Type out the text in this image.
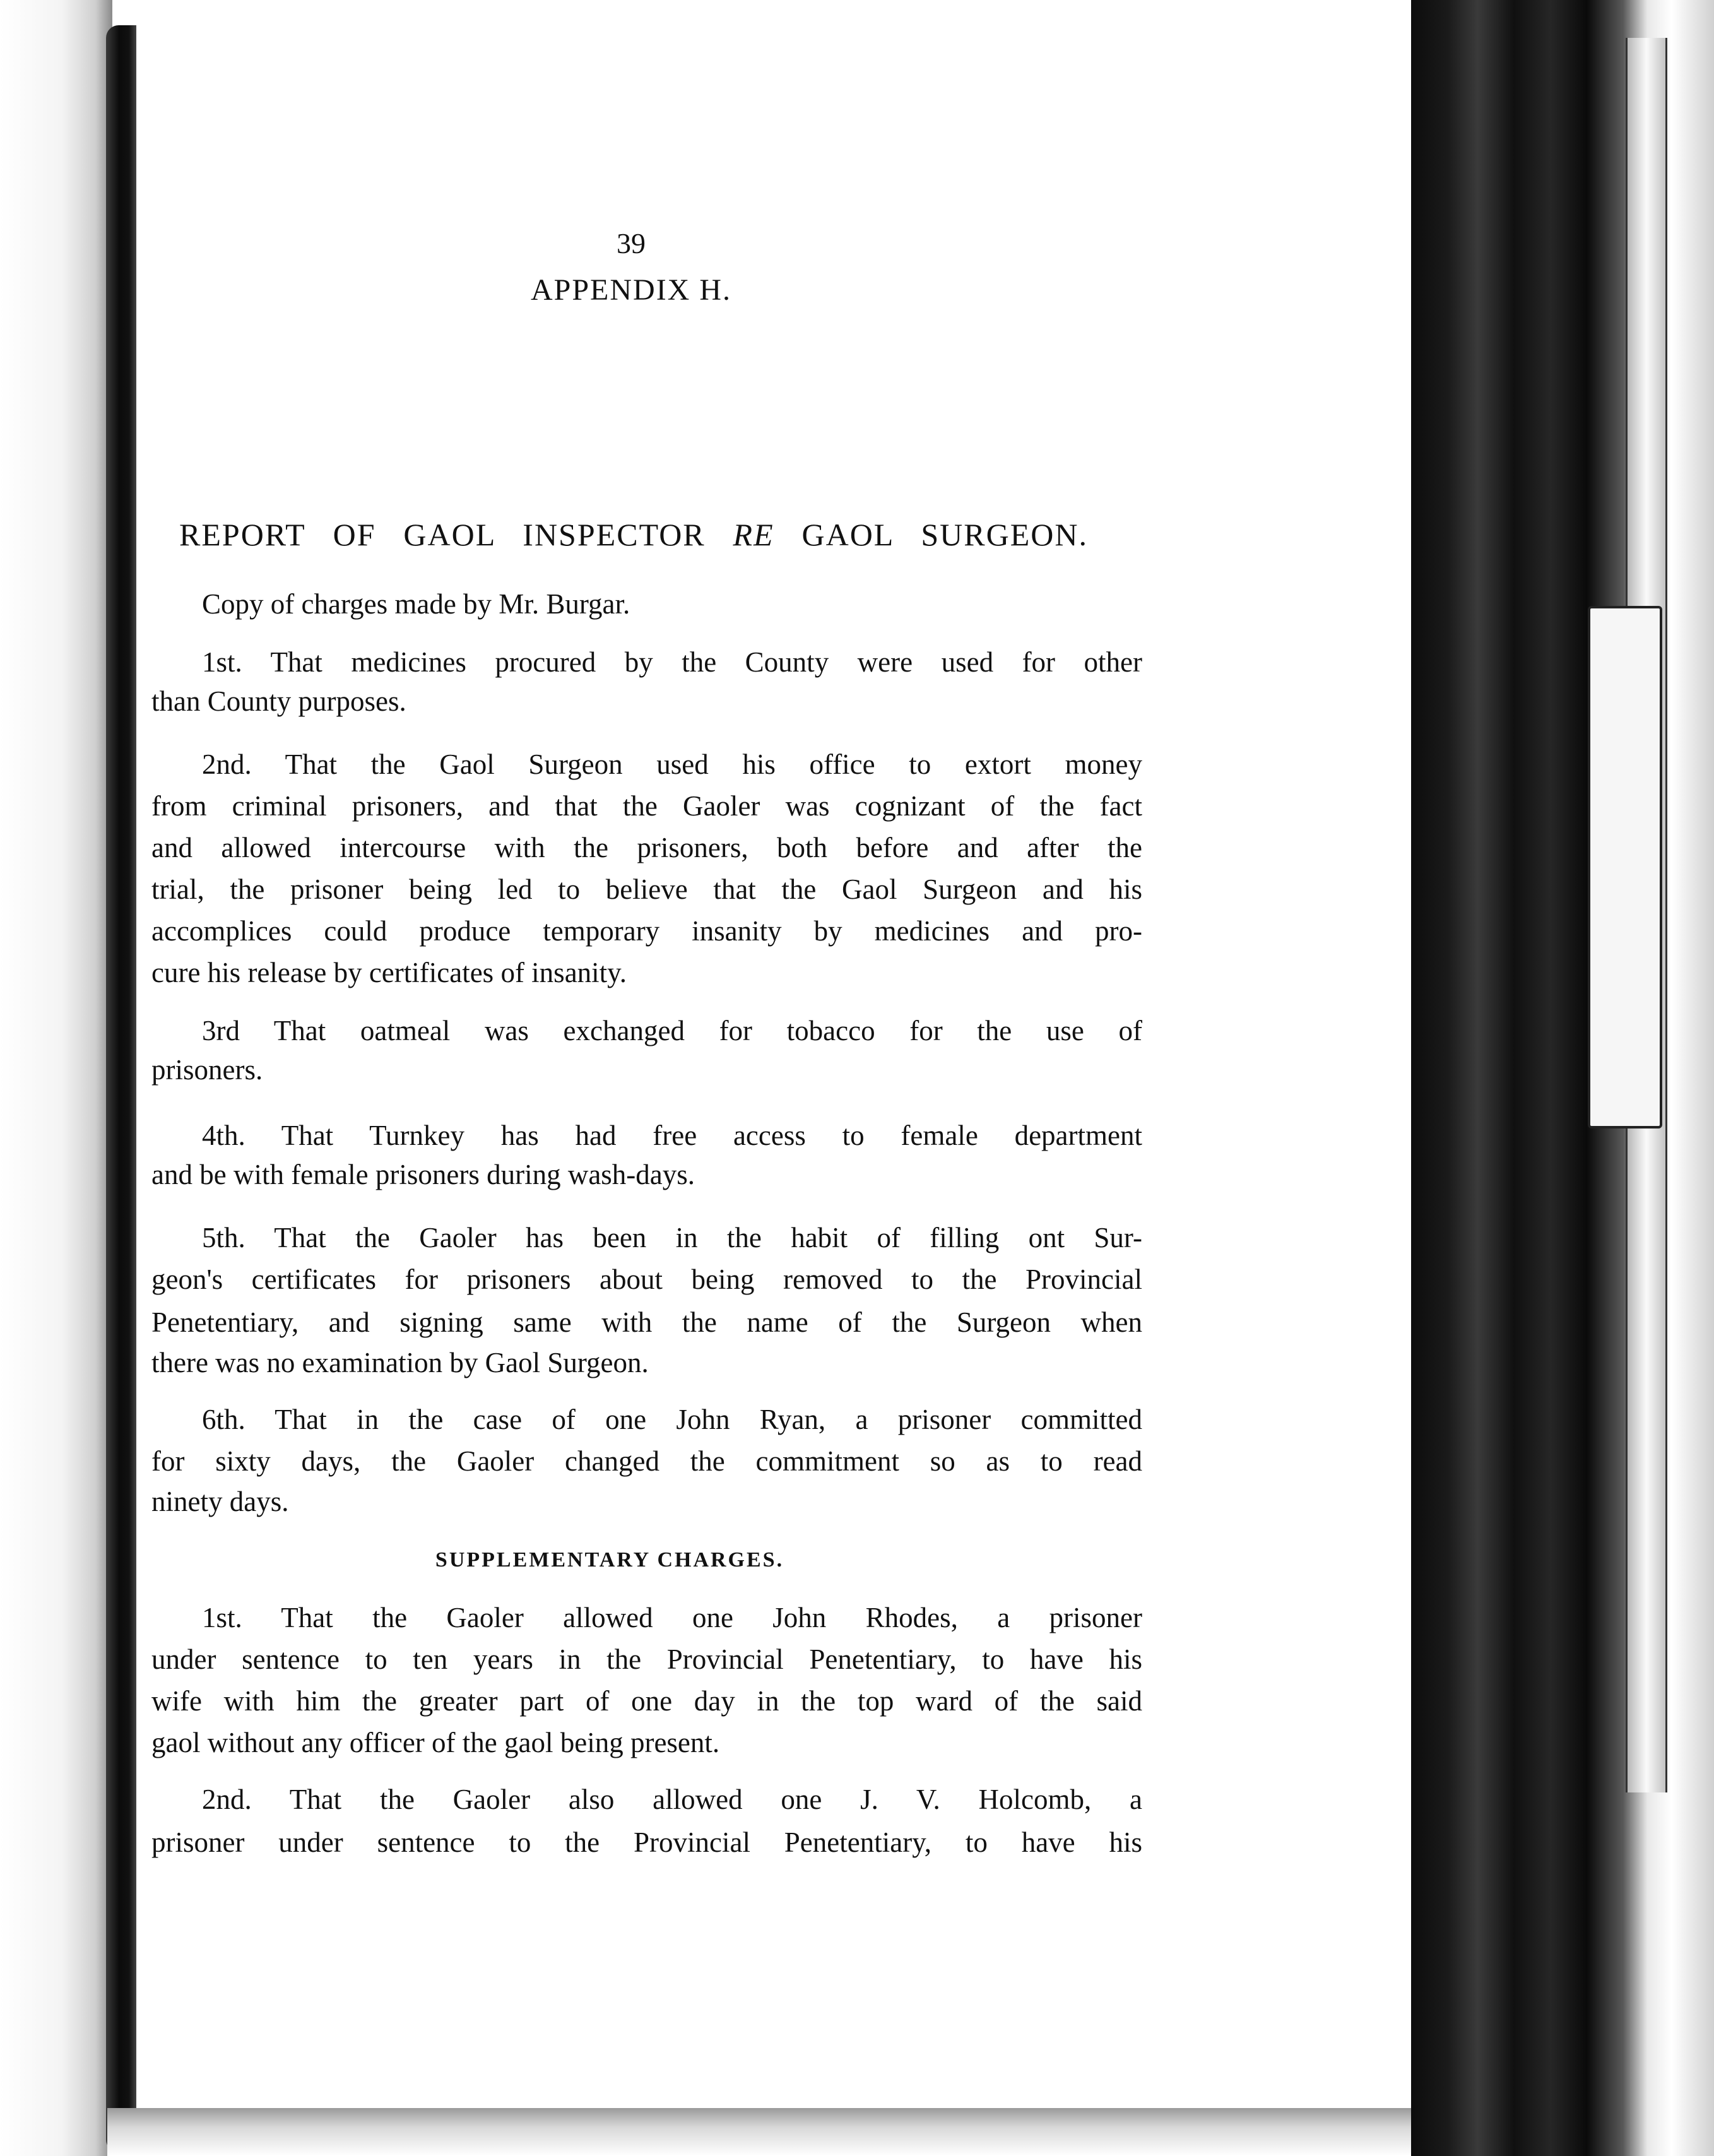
39
APPENDIX H.
REPORT OF GAOL INSPECTOR RE GAOL SURGEON.
Copy of charges made by Mr. Burgar.
1st. That medicines procured by the County were used for other
than County purposes.
2nd. That the Gaol Surgeon used his office to extort money
from criminal prisoners, and that the Gaoler was cognizant of the fact
and allowed intercourse with the prisoners, both before and after the
trial, the prisoner being led to believe that the Gaol Surgeon and his
accomplices could produce temporary insanity by medicines and pro-
cure his release by certificates of insanity.
3rd That oatmeal was exchanged for tobacco for the use of
prisoners.
4th. That Turnkey has had free access to female department
and be with female prisoners during wash-days.
5th. That the Gaoler has been in the habit of filling ont Sur-
geon's certificates for prisoners about being removed to the Provincial
Penetentiary, and signing same with the name of the Surgeon when
there was no examination by Gaol Surgeon.
6th. That in the case of one John Ryan, a prisoner committed
for sixty days, the Gaoler changed the commitment so as to read
ninety days.
SUPPLEMENTARY CHARGES.
1st. That the Gaoler allowed one John Rhodes, a prisoner
under sentence to ten years in the Provincial Penetentiary, to have his
wife with him the greater part of one day in the top ward of the said
gaol without any officer of the gaol being present.
2nd. That the Gaoler also allowed one J. V. Holcomb, a
prisoner under sentence to the Provincial Penetentiary, to have his
